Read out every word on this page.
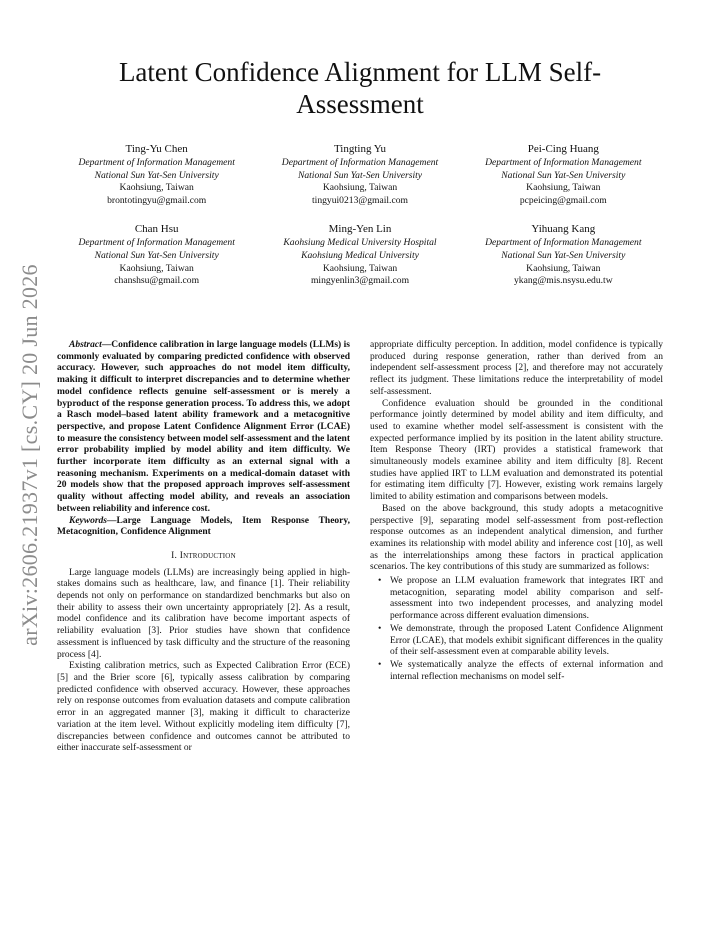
arXiv:2606.21937v1 [cs.CY] 20 Jun 2026
Latent Confidence Alignment for LLM Self-Assessment
Ting-Yu Chen
Department of Information Management
National Sun Yat-Sen University
Kaohsiung, Taiwan
brontotingyu@gmail.com
Tingting Yu
Department of Information Management
National Sun Yat-Sen University
Kaohsiung, Taiwan
tingyui0213@gmail.com
Pei-Cing Huang
Department of Information Management
National Sun Yat-Sen University
Kaohsiung, Taiwan
pcpeicing@gmail.com
Chan Hsu
Department of Information Management
National Sun Yat-Sen University
Kaohsiung, Taiwan
chanshsu@gmail.com
Ming-Yen Lin
Kaohsiung Medical University Hospital
Kaohsiung Medical University
Kaohsiung, Taiwan
mingyenlin3@gmail.com
Yihuang Kang
Department of Information Management
National Sun Yat-Sen University
Kaohsiung, Taiwan
ykang@mis.nsysu.edu.tw

Abstract—Confidence calibration in large language models (LLMs) is commonly evaluated by comparing predicted confidence with observed accuracy. However, such approaches do not model item difficulty, making it difficult to interpret discrepancies and to determine whether model confidence reflects genuine self-assessment or is merely a byproduct of the response generation process. To address this, we adopt a Rasch model–based latent ability framework and a metacognitive perspective, and propose Latent Confidence Alignment Error (LCAE) to measure the consistency between model self-assessment and the latent error probability implied by model ability and item difficulty. We further incorporate item difficulty as an external signal with a reasoning mechanism. Experiments on a medical-domain dataset with 20 models show that the proposed approach improves self-assessment quality without affecting model ability, and reveals an association between reliability and inference cost.

Keywords—Large Language Models, Item Response Theory, Metacognition, Confidence Alignment

I. Introduction

Large language models (LLMs) are increasingly being applied in high-stakes domains such as healthcare, law, and finance [1]. Their reliability depends not only on performance on standardized benchmarks but also on their ability to assess their own uncertainty appropriately [2]. As a result, model confidence and its calibration have become important aspects of reliability evaluation [3]. Prior studies have shown that confidence assessment is influenced by task difficulty and the structure of the reasoning process [4].

Existing calibration metrics, such as Expected Calibration Error (ECE) [5] and the Brier score [6], typically assess calibration by comparing predicted confidence with observed accuracy. However, these approaches rely on response outcomes from evaluation datasets and compute calibration error in an aggregated manner [3], making it difficult to characterize variation at the item level. Without explicitly modeling item difficulty [7], discrepancies between confidence and outcomes cannot be attributed to either inaccurate self-assessment or

appropriate difficulty perception. In addition, model confidence is typically produced during response generation, rather than derived from an independent self-assessment process [2], and therefore may not accurately reflect its judgment. These limitations reduce the interpretability of model self-assessment.

Confidence evaluation should be grounded in the conditional performance jointly determined by model ability and item difficulty, and used to examine whether model self-assessment is consistent with the expected performance implied by its position in the latent ability structure. Item Response Theory (IRT) provides a statistical framework that simultaneously models examinee ability and item difficulty [8]. Recent studies have applied IRT to LLM evaluation and demonstrated its potential for estimating item difficulty [7]. However, existing work remains largely limited to ability estimation and comparisons between models.

Based on the above background, this study adopts a metacognitive perspective [9], separating model self-assessment from post-reflection response outcomes as an independent analytical dimension, and further examines its relationship with model ability and inference cost [10], as well as the interrelationships among these factors in practical application scenarios. The key contributions of this study are summarized as follows:

• We propose an LLM evaluation framework that integrates IRT and metacognition, separating model ability comparison and self-assessment into two independent processes, and analyzing model performance across different evaluation dimensions.
• We demonstrate, through the proposed Latent Confidence Alignment Error (LCAE), that models exhibit significant differences in the quality of their self-assessment even at comparable ability levels.
• We systematically analyze the effects of external information and internal reflection mechanisms on model self-
